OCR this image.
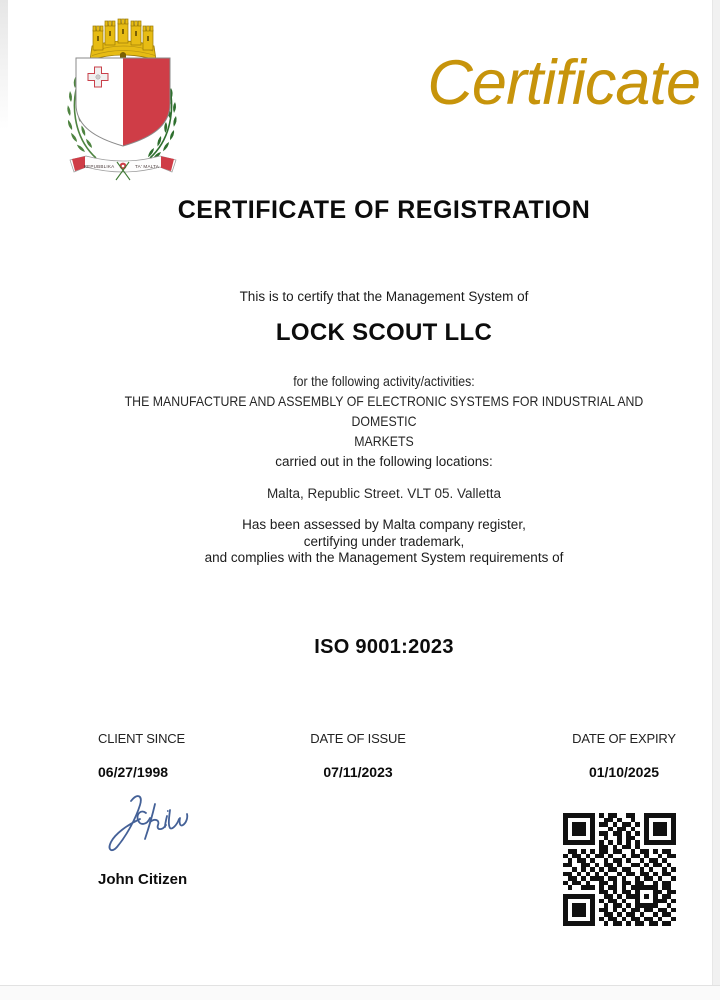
REPUBBLIKA	TA' MALTA
Certificate
CERTIFICATE OF REGISTRATION
This is to certify that the Management System of
LOCK SCOUT LLC
for the following activity/activities:
THE MANUFACTURE AND ASSEMBLY OF ELECTRONIC SYSTEMS FOR INDUSTRIAL AND
DOMESTIC
MARKETS
carried out in the following locations:
Malta, Republic Street. VLT 05. Valletta
Has been assessed by Malta company register,
certifying under trademark,
and complies with the Management System requirements of
ISO 9001:2023
CLIENT SINCE
06/27/1998
DATE OF ISSUE
07/11/2023
DATE OF EXPIRY
01/10/2025
John Citizen
